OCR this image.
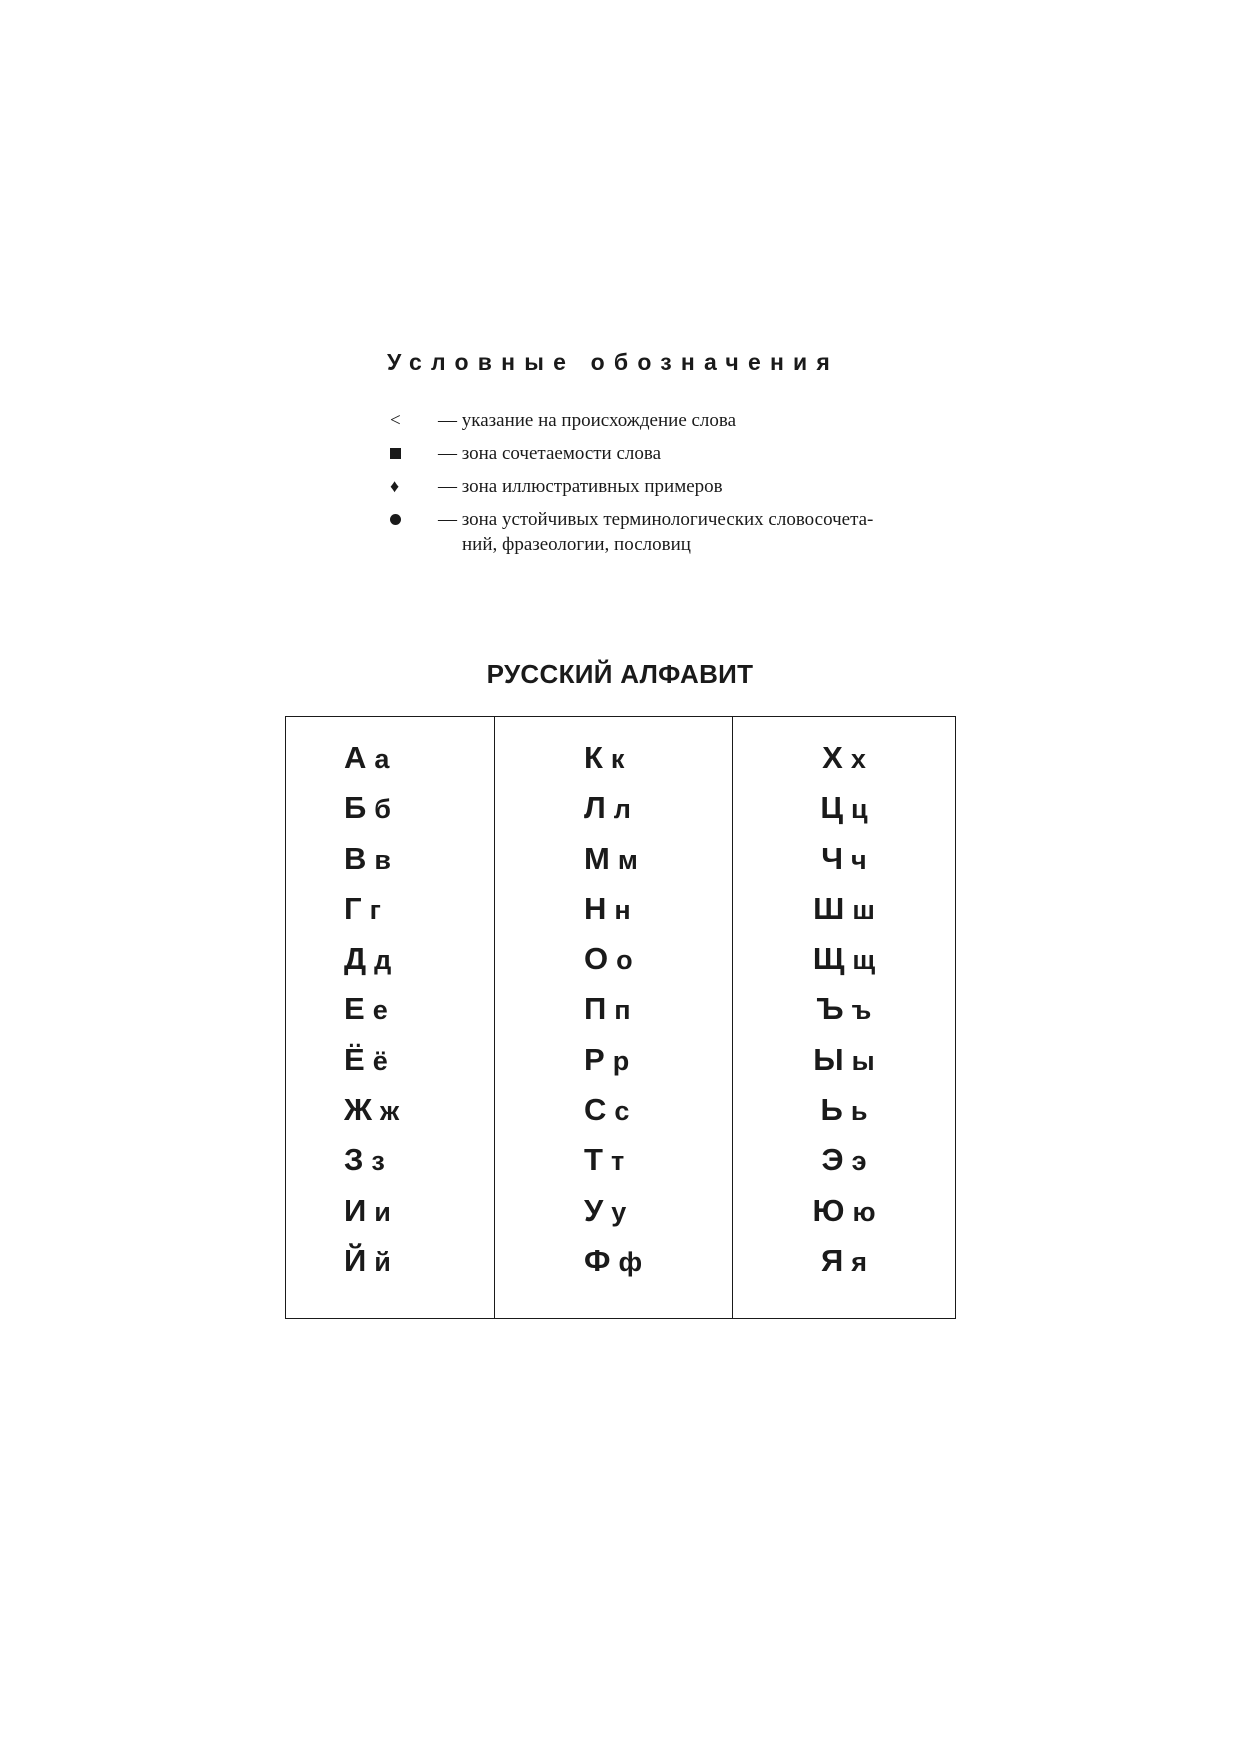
Условные обозначения
<	— указание на происхождение слова
— зона сочетаемости слова
♦	— зона иллюстративных примеров
— зона устойчивых терминологических словосочета-
ний, фразеологии, пословиц
РУССКИЙ АЛФАВИТ
А а
Б б
В в
Г г
Д д
Е е
Ё ё
Ж ж
З з
И и
Й й
К к
Л л
М м
Н н
О о
П п
Р р
С с
Т т
У у
Ф ф
Х х
Ц ц
Ч ч
Ш ш
Щ щ
Ъ ъ
Ы ы
Ь ь
Э э
Ю ю
Я я
